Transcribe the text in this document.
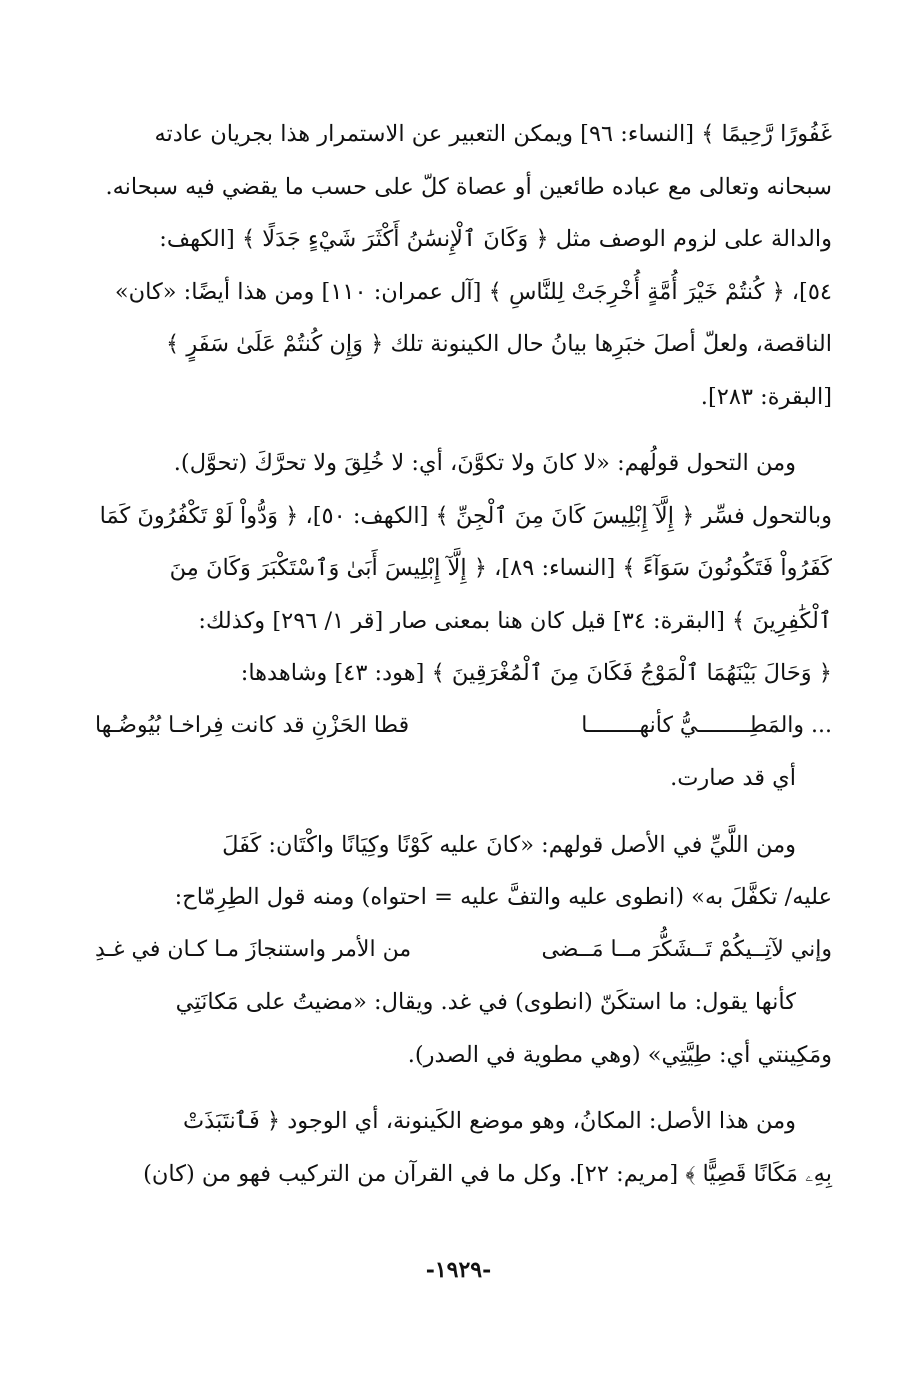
غَفُورًا رَّحِيمًا ﴾ [النساء: ٩٦] ويمكن التعبير عن الاستمرار هذا بجريان عادته

سبحانه وتعالى مع عباده طائعين أو عصاة كلّ على حسب ما يقضي فيه سبحانه.

والدالة على لزوم الوصف مثل ﴿ وَكَانَ ٱلْإِنسَٰنُ أَكْثَرَ شَيْءٍ جَدَلًا ﴾ [الكهف:

٥٤]، ﴿ كُنتُمْ خَيْرَ أُمَّةٍ أُخْرِجَتْ لِلنَّاسِ ﴾ [آل عمران: ١١٠] ومن هذا أيضًا: «كان»

الناقصة، ولعلّ أصلَ خبَرِها بيانُ حال الكينونة تلك ﴿ وَإِن كُنتُمْ عَلَىٰ سَفَرٍ ﴾

[البقرة: ٢٨٣].

ومن التحول قولُهم: «لا كانَ ولا تكوَّنَ، أي: لا خُلِقَ ولا تحرَّكَ (تحوَّل).

وبالتحول فسِّر ﴿ إِلَّآ إِبْلِيسَ كَانَ مِنَ ٱلْجِنِّ ﴾ [الكهف: ٥٠]، ﴿ وَدُّواْ لَوْ تَكْفُرُونَ كَمَا

كَفَرُواْ فَتَكُونُونَ سَوَآءً ﴾ [النساء: ٨٩]، ﴿ إِلَّآ إِبْلِيسَ أَبَىٰ وَٱسْتَكْبَرَ وَكَانَ مِنَ

ٱلْكَٰفِرِينَ ﴾ [البقرة: ٣٤] قيل كان هنا بمعنى صار [قر ١/ ٢٩٦] وكذلك:

﴿ وَحَالَ بَيْنَهُمَا ٱلْمَوْجُ فَكَانَ مِنَ ٱلْمُغْرَقِينَ ﴾ [هود: ٤٣] وشاهدها:

... والمَطِــــــــيُّ كأنهــــــــا
قطا الحَزْنِ قد كانت فِراخـا بُيُوضُـها

أي قد صارت.

ومن اللَّيِّ في الأصل قولهم: «كانَ عليه كَوْنًا وكِيَانًا واكْتَان: كَفَلَ

عليه/ تكفَّلَ به» (انطوى عليه والتفَّ عليه = احتواه) ومنه قول الطِرِمّاح:

وإني لآتِــيكُمْ تَــشَكُّرَ مــا مَــضى
من الأمر واستنجازَ مـا كـان في غـدِ

كأنها يقول: ما استكَنّ (انطوى) في غد. ويقال: «مضيتُ على مَكانَتِي

ومَكِينتي أي: طِيَّتِي» (وهي مطوية في الصدر).

ومن هذا الأصل: المكانُ، وهو موضع الكَينونة، أي الوجود ﴿ فَٱنتَبَذَتْ

بِهِۦ مَكَانًا قَصِيًّا ﴾ [مريم: ٢٢]. وكل ما في القرآن من التركيب فهو من (كان)

-١٩٢٩-
